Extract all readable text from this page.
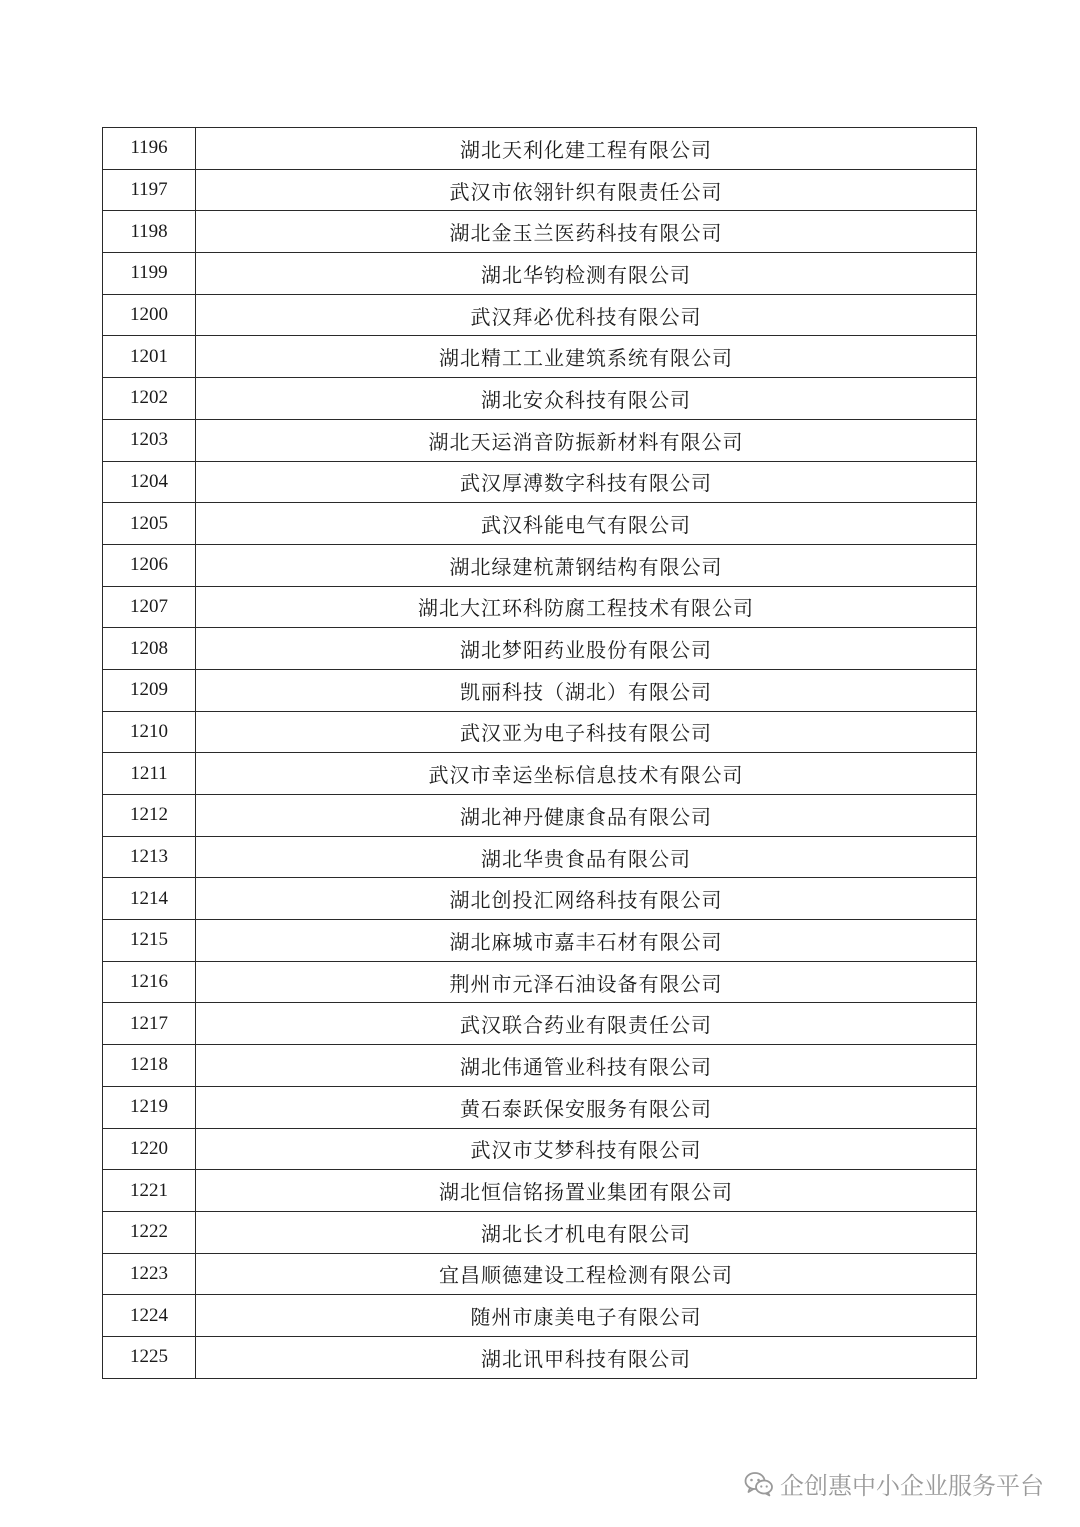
1196	湖北天利化建工程有限公司
1197	武汉市依翎针织有限责任公司
1198	湖北金玉兰医药科技有限公司
1199	湖北华钧检测有限公司
1200	武汉拜必优科技有限公司
1201	湖北精工工业建筑系统有限公司
1202	湖北安众科技有限公司
1203	湖北天运消音防振新材料有限公司
1204	武汉厚溥数字科技有限公司
1205	武汉科能电气有限公司
1206	湖北绿建杭萧钢结构有限公司
1207	湖北大江环科防腐工程技术有限公司
1208	湖北梦阳药业股份有限公司
1209	凯丽科技（湖北）有限公司
1210	武汉亚为电子科技有限公司
1211	武汉市幸运坐标信息技术有限公司
1212	湖北神丹健康食品有限公司
1213	湖北华贵食品有限公司
1214	湖北创投汇网络科技有限公司
1215	湖北麻城市嘉丰石材有限公司
1216	荆州市元泽石油设备有限公司
1217	武汉联合药业有限责任公司
1218	湖北伟通管业科技有限公司
1219	黄石泰跃保安服务有限公司
1220	武汉市艾梦科技有限公司
1221	湖北恒信铭扬置业集团有限公司
1222	湖北长才机电有限公司
1223	宜昌顺德建设工程检测有限公司
1224	随州市康美电子有限公司
1225	湖北讯甲科技有限公司
企创惠中小企业服务平台
